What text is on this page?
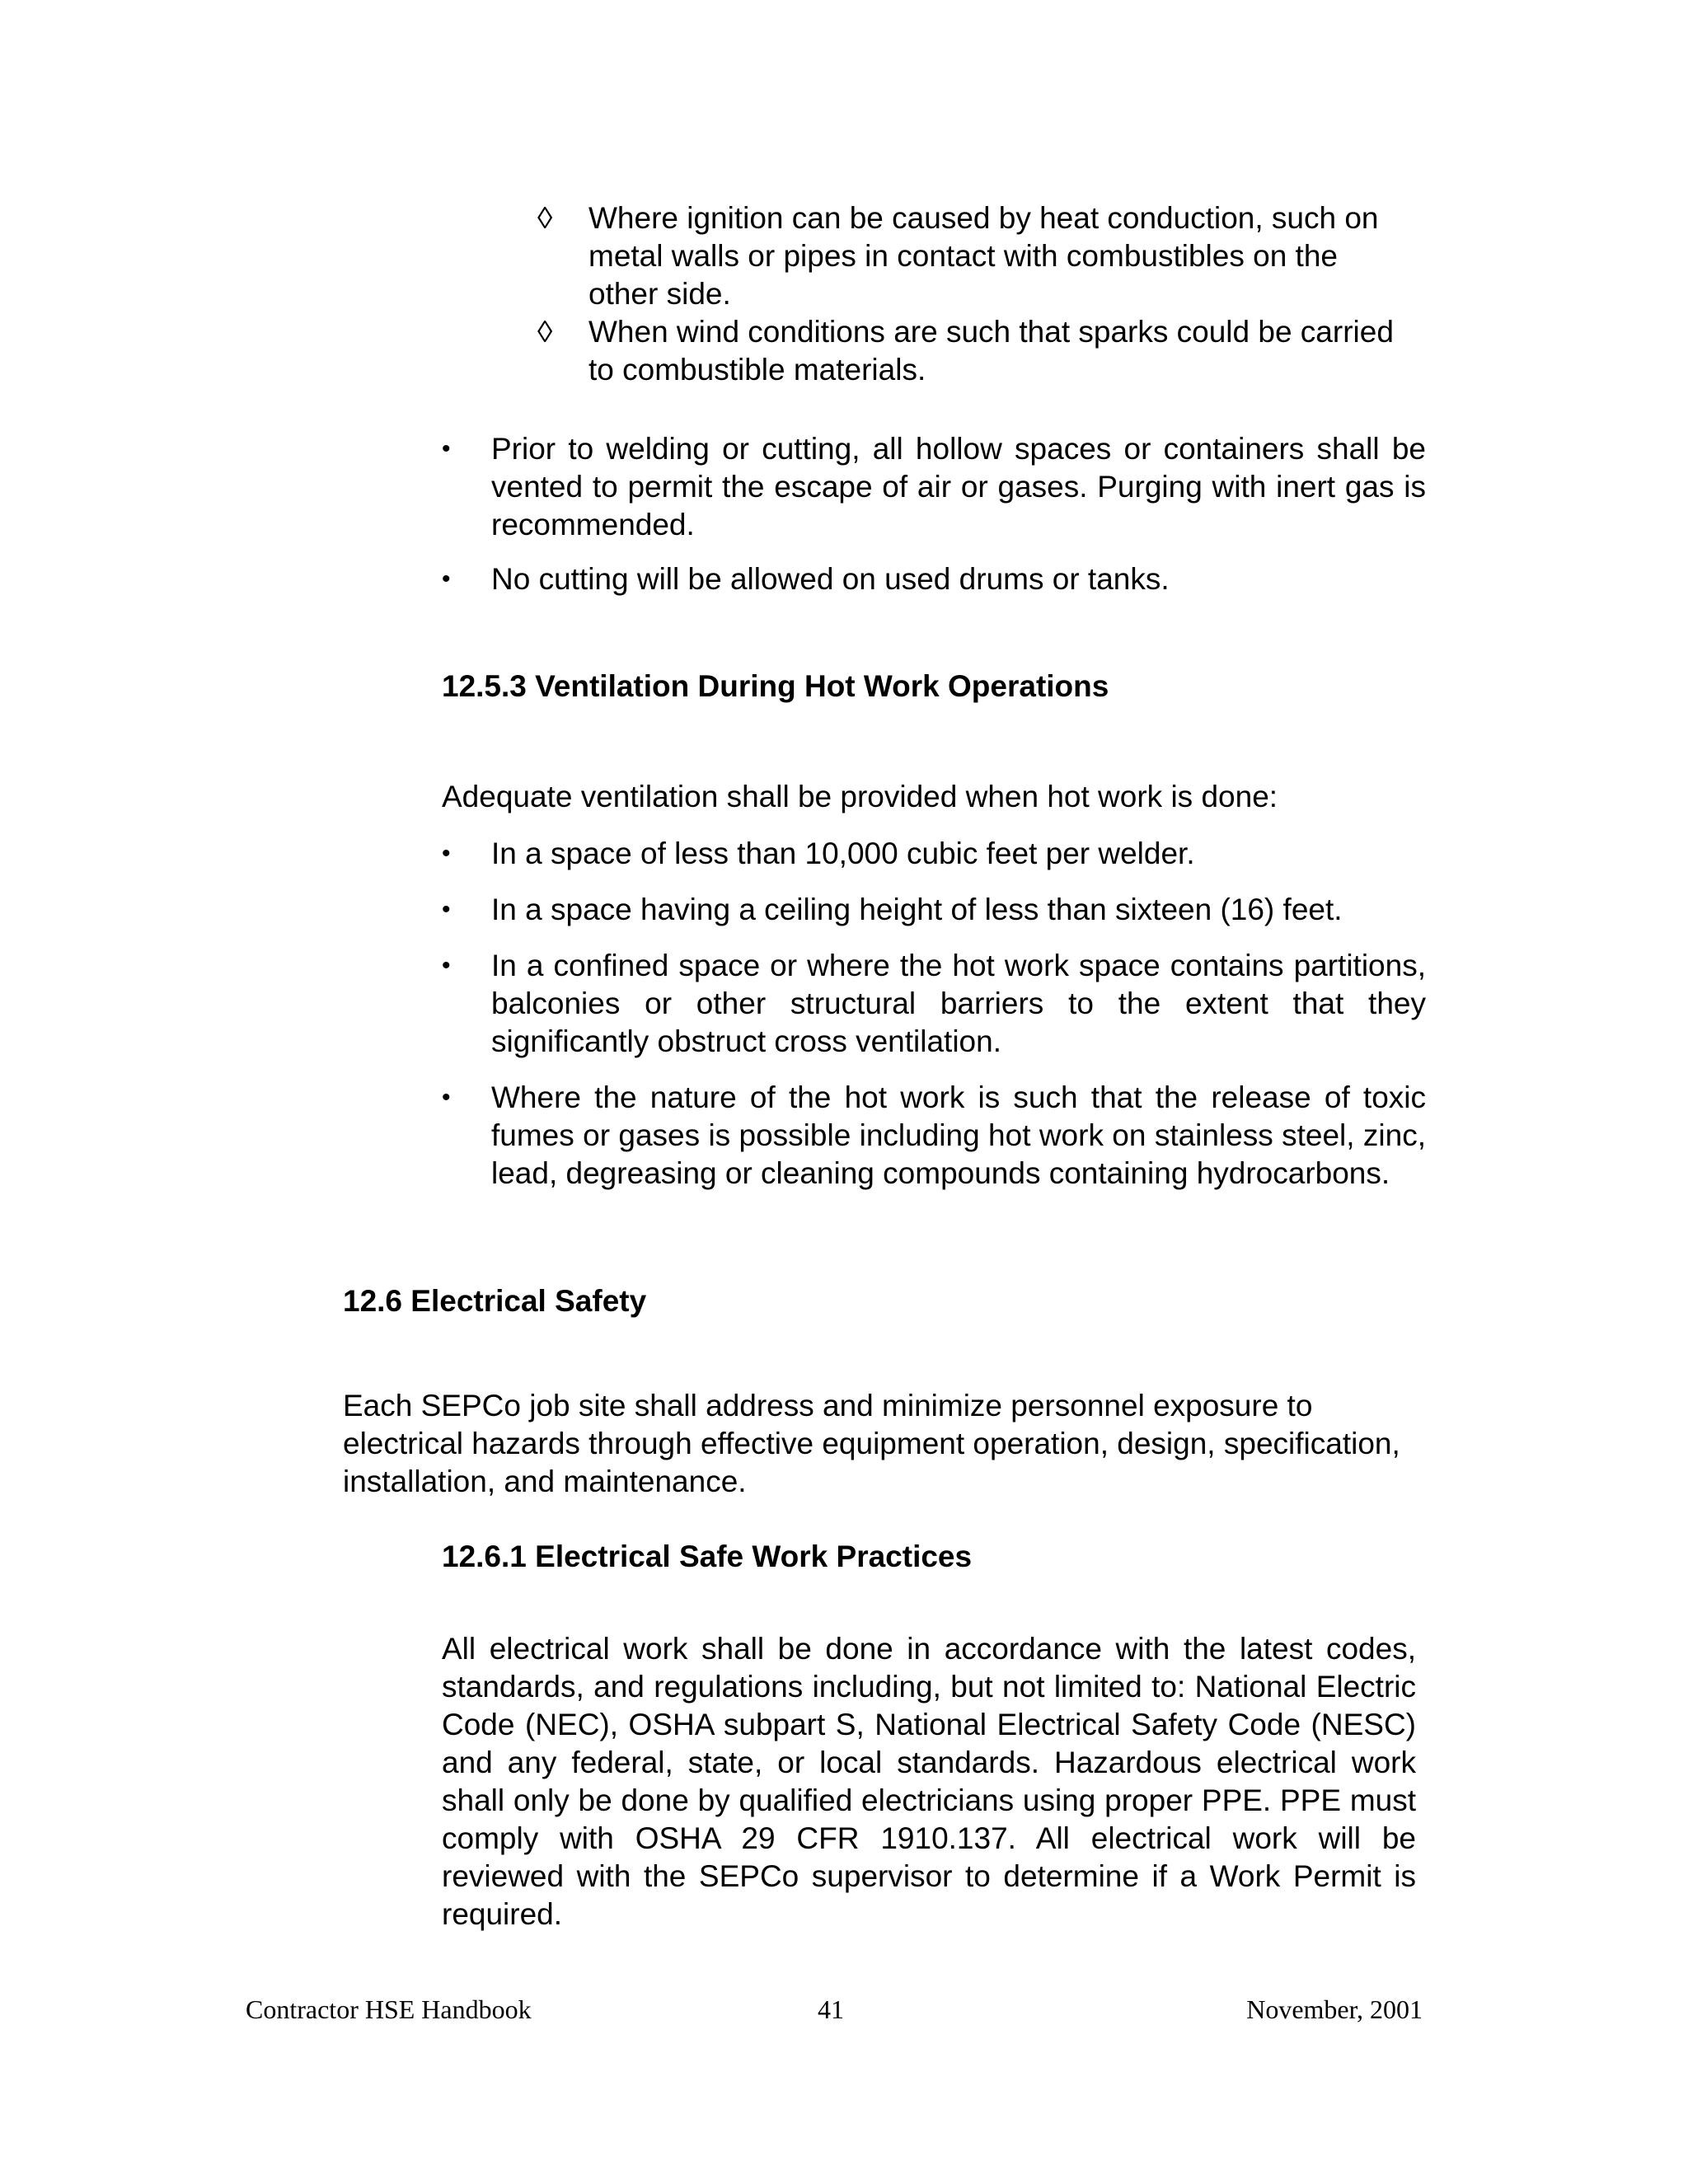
◊	Where ignition can be caused by heat conduction, such on metal walls or pipes in contact with combustibles on the other side.
◊	When wind conditions are such that sparks could be carried to combustible materials.
•	Prior to welding or cutting, all hollow spaces or containers shall be vented to permit the escape of air or gases. Purging with inert gas is recommended.
•	No cutting will be allowed on used drums or tanks.
12.5.3 Ventilation During Hot Work Operations
Adequate ventilation shall be provided when hot work is done:
•	In a space of less than 10,000 cubic feet per welder.
•	In a space having a ceiling height of less than sixteen (16) feet.
•	In a confined space or where the hot work space contains partitions, balconies or other structural barriers to the extent that they significantly obstruct cross ventilation.
•	Where the nature of the hot work is such that the release of toxic fumes or gases is possible including hot work on stainless steel, zinc, lead, degreasing or cleaning compounds containing hydrocarbons.
12.6 Electrical Safety
Each SEPCo job site shall address and minimize personnel exposure to electrical hazards through effective equipment operation, design, specification, installation, and maintenance.
12.6.1 Electrical Safe Work Practices
All electrical work shall be done in accordance with the latest codes, standards, and regulations including, but not limited to: National Electric Code (NEC), OSHA subpart S, National Electrical Safety Code (NESC) and any federal, state, or local standards. Hazardous electrical work shall only be done by qualified electricians using proper PPE. PPE must comply with OSHA 29 CFR 1910.137. All electrical work will be reviewed with the SEPCo supervisor to determine if a Work Permit is required.
Contractor HSE Handbook	41	November, 2001
